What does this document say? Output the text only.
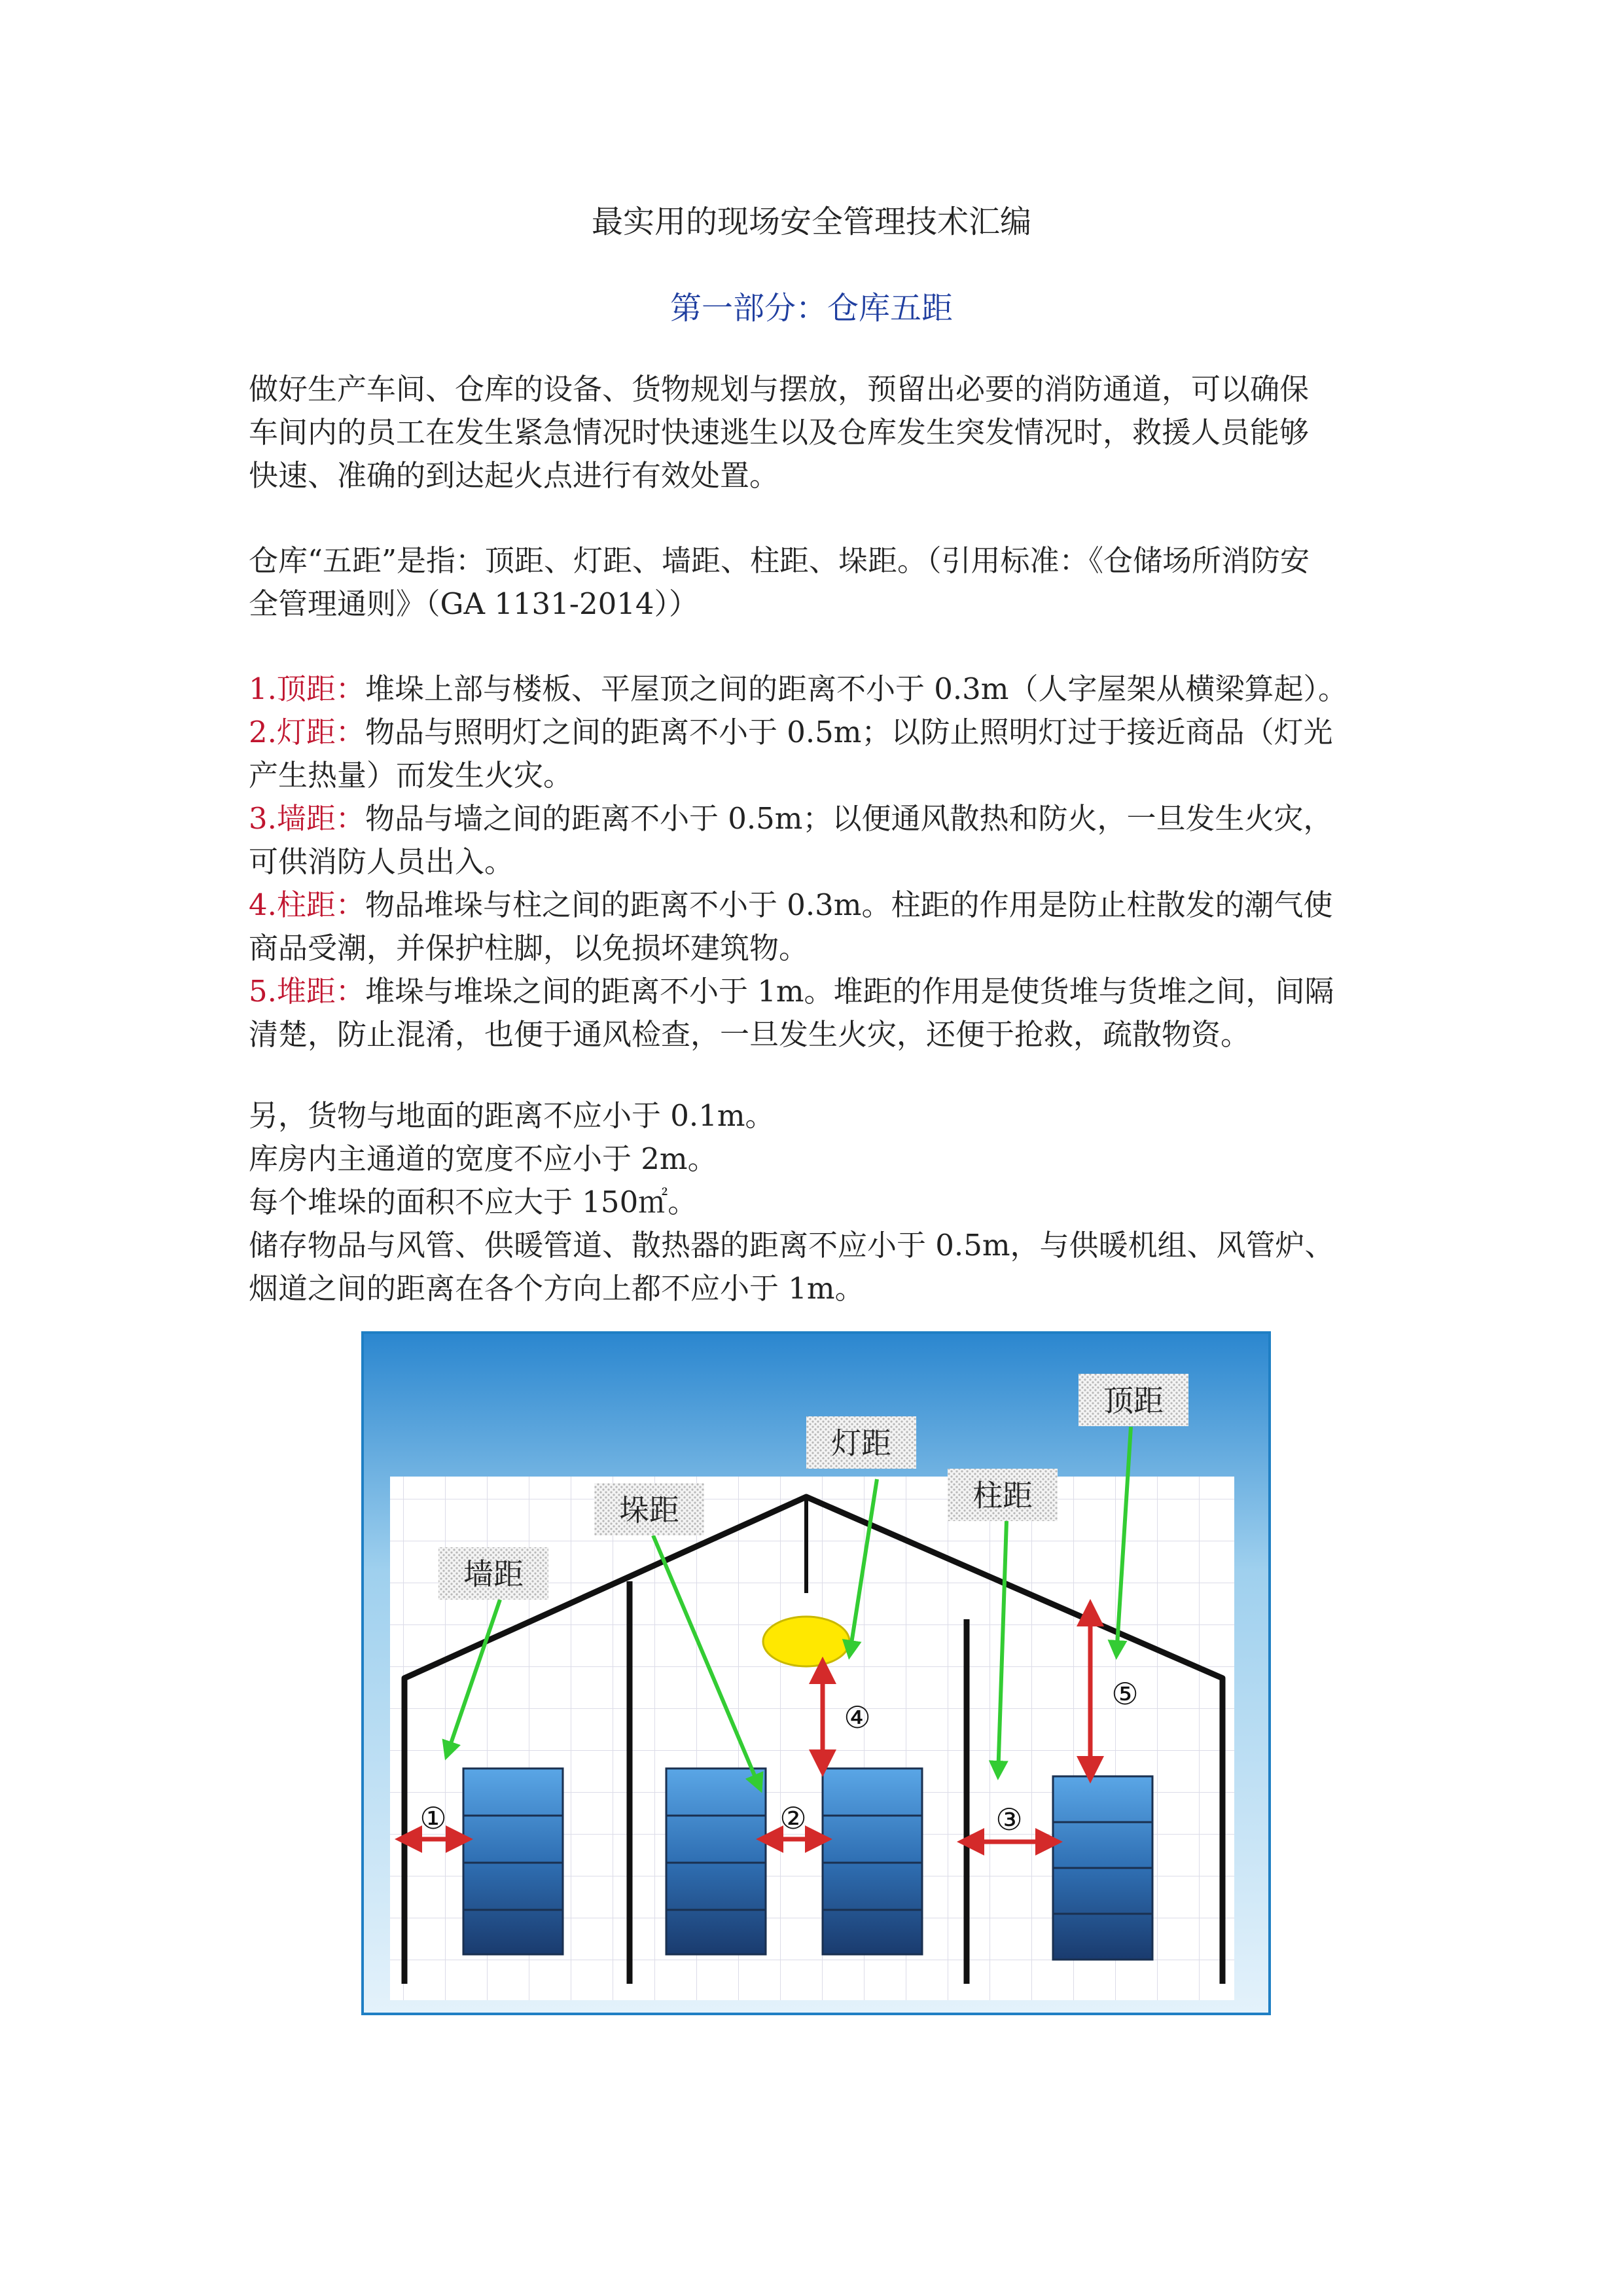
最实用的现场安全管理技术汇编
第一部分：仓库五距
做好生产车间、仓库的设备、货物规划与摆放，预留出必要的消防通道，可以确保
车间内的员工在发生紧急情况时快速逃生以及仓库发生突发情况时，救援人员能够
快速、准确的到达起火点进行有效处置。
仓库“五距”是指：顶距、灯距、墙距、柱距、垛距。（引用标准：《仓储场所消防安
全管理通则》（GA 1131-2014））
1.顶距：堆垛上部与楼板、平屋顶之间的距离不小于 0.3m（人字屋架从横梁算起）。
2.灯距：物品与照明灯之间的距离不小于 0.5m；以防止照明灯过于接近商品（灯光
产生热量）而发生火灾。
3.墙距：物品与墙之间的距离不小于 0.5m；以便通风散热和防火，一旦发生火灾，
可供消防人员出入。
4.柱距：物品堆垛与柱之间的距离不小于 0.3m。柱距的作用是防止柱散发的潮气使
商品受潮，并保护柱脚，以免损坏建筑物。
5.堆距：堆垛与堆垛之间的距离不小于 1m。堆距的作用是使货堆与货堆之间，间隔
清楚，防止混淆，也便于通风检查，一旦发生火灾，还便于抢救，疏散物资。
另，货物与地面的距离不应小于 0.1m。
库房内主通道的宽度不应小于 2m。
每个堆垛的面积不应大于 150㎡。
储存物品与风管、供暖管道、散热器的距离不应小于 0.5m，与供暖机组、风管炉、
烟道之间的距离在各个方向上都不应小于 1m。
①	②	③
④
⑤
顶距
灯距
柱距
垛距
墙距
